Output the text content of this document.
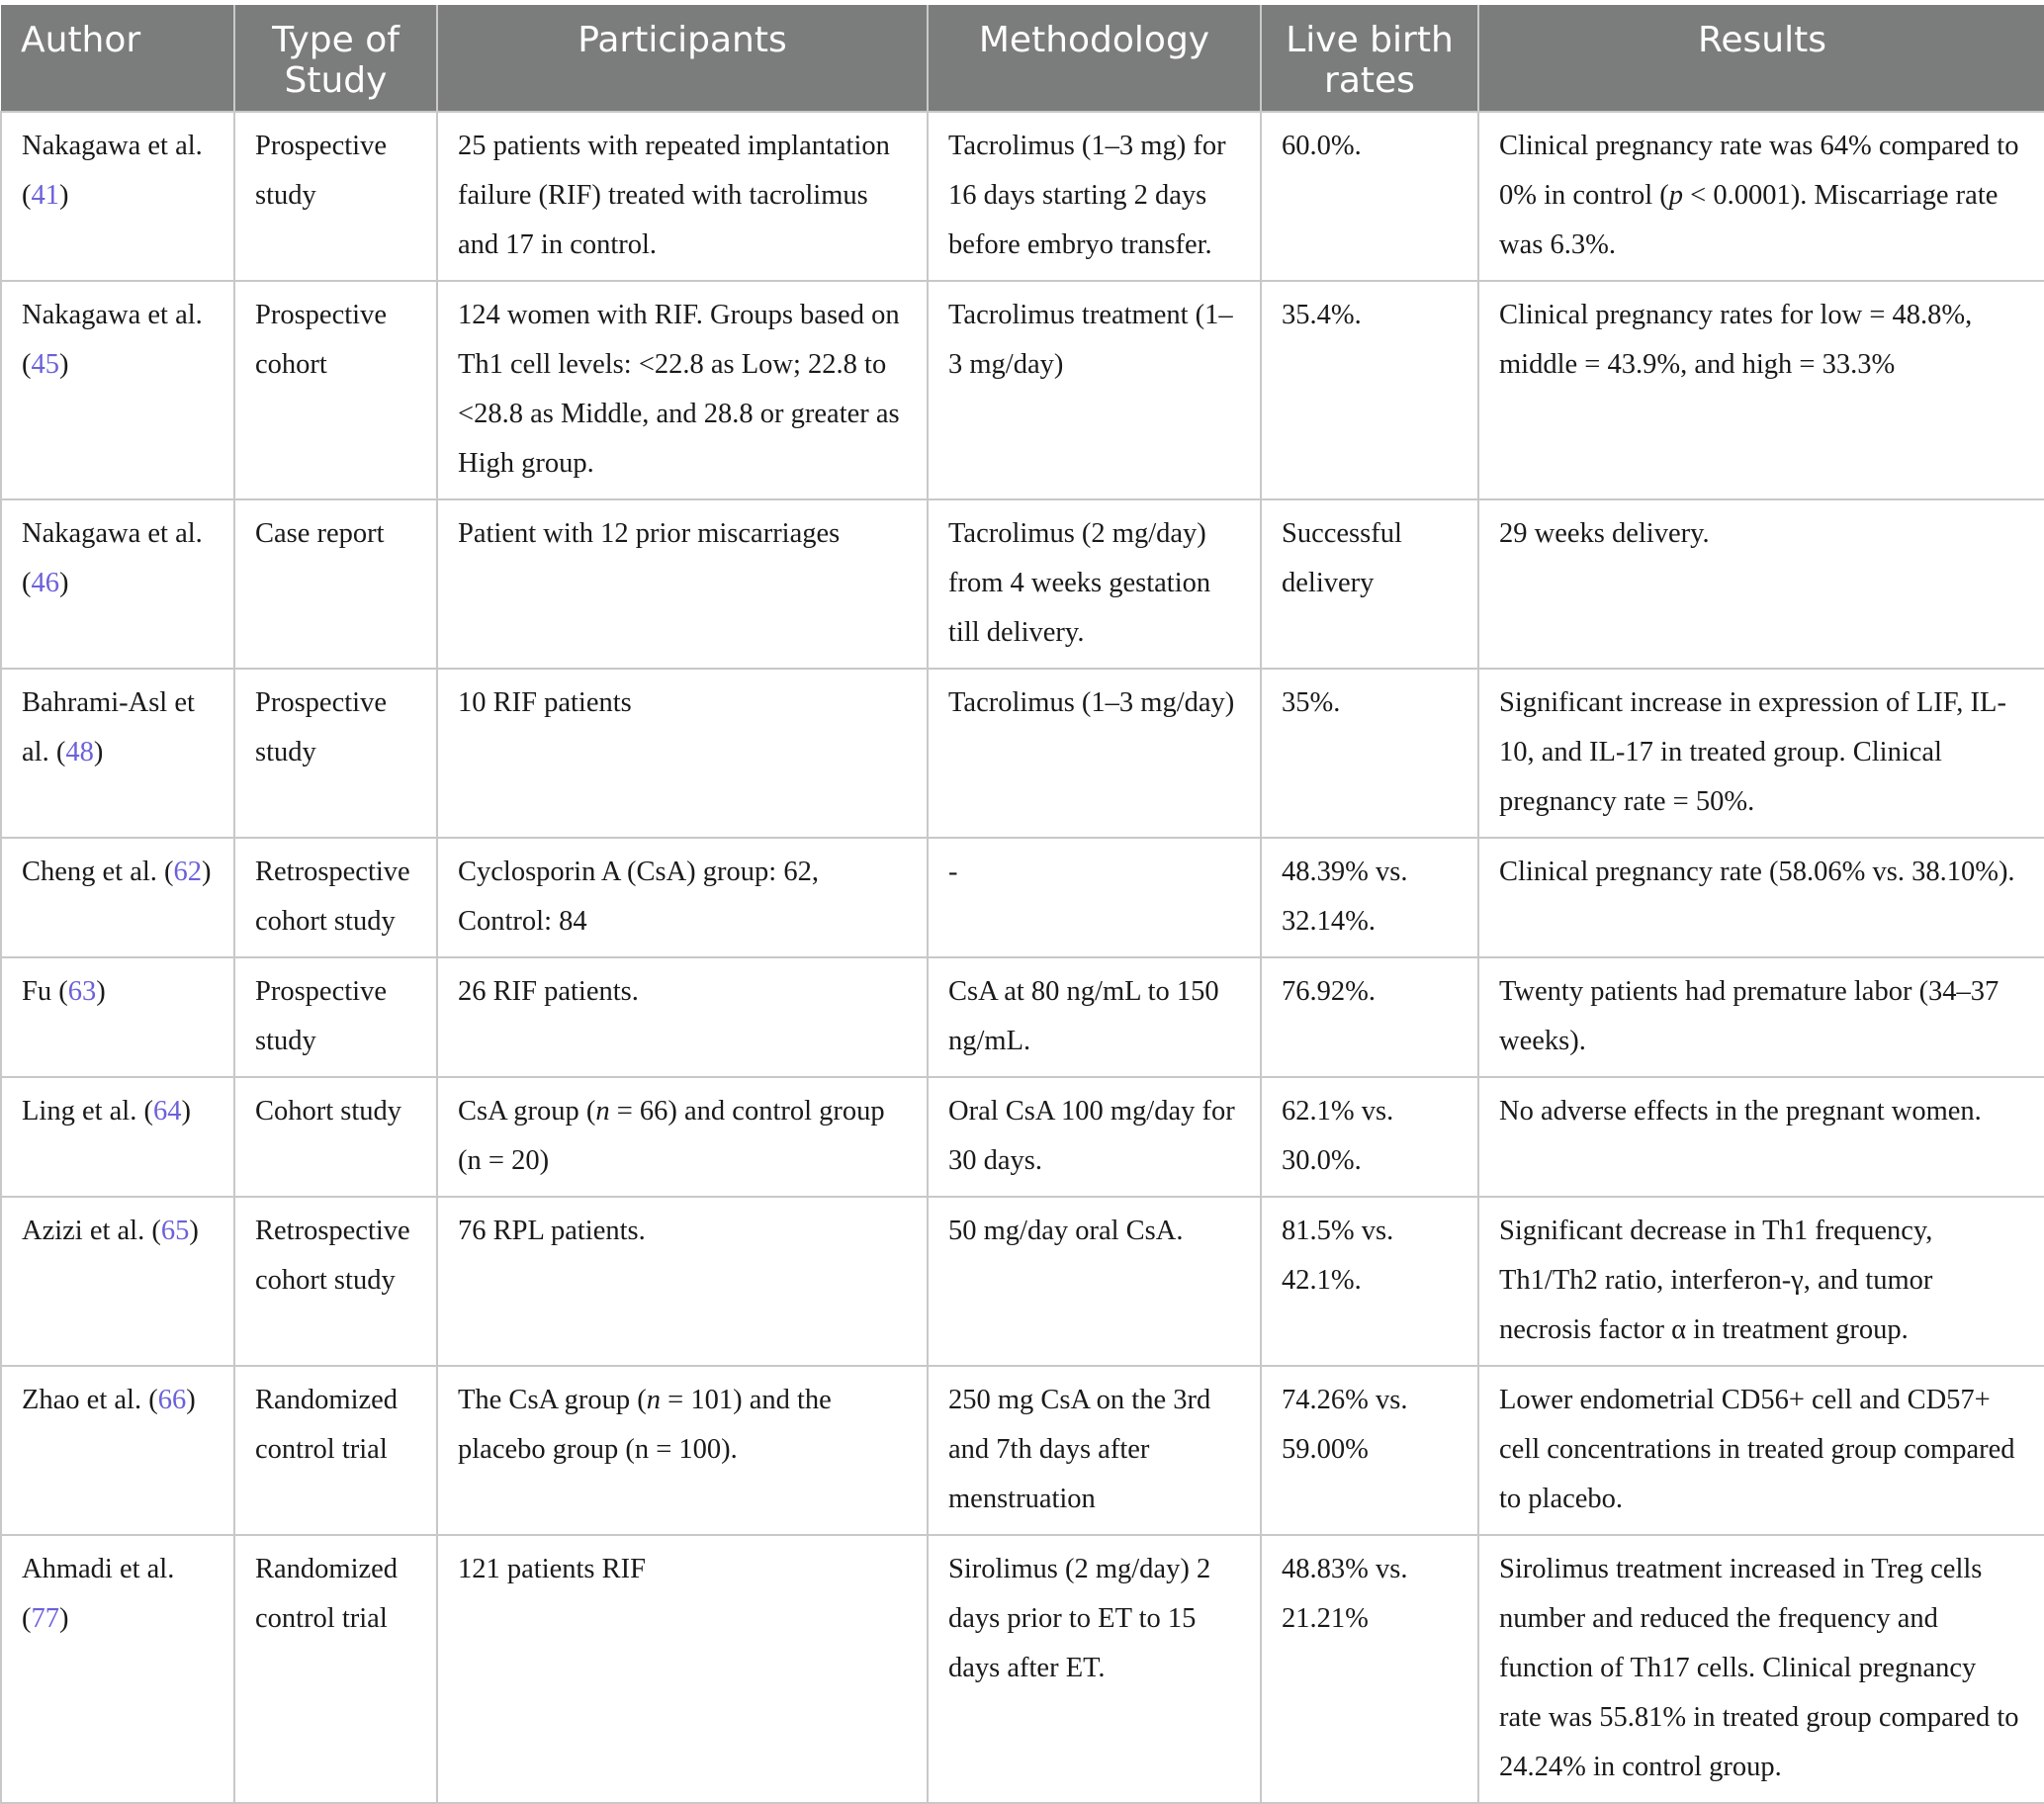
Author	Type of Study	Participants	Methodology	Live birth rates	Results
Nakagawa et al. (41)	Prospective study	25 patients with repeated implantation failure (RIF) treated with tacrolimus and 17 in control.	Tacrolimus (1–3 mg) for 16 days starting 2 days before embryo transfer.	60.0%.	Clinical pregnancy rate was 64% compared to 0% in control (p < 0.0001). Miscarriage rate was 6.3%.
Nakagawa et al. (45)	Prospective cohort	124 women with RIF. Groups based on Th1 cell levels: <22.8 as Low; 22.8 to <28.8 as Middle, and 28.8 or greater as High group.	Tacrolimus treatment (1–3 mg/day)	35.4%.	Clinical pregnancy rates for low = 48.8%, middle = 43.9%, and high = 33.3%
Nakagawa et al. (46)	Case report	Patient with 12 prior miscarriages	Tacrolimus (2 mg/day) from 4 weeks gestation till delivery.	Successful delivery	29 weeks delivery.
Bahrami-Asl et al. (48)	Prospective study	10 RIF patients	Tacrolimus (1–3 mg/day)	35%.	Significant increase in expression of LIF, IL-10, and IL-17 in treated group. Clinical pregnancy rate = 50%.
Cheng et al. (62)	Retrospective cohort study	Cyclosporin A (CsA) group: 62, Control: 84	-	48.39% vs. 32.14%.	Clinical pregnancy rate (58.06% vs. 38.10%).
Fu (63)	Prospective study	26 RIF patients.	CsA at 80 ng/mL to 150 ng/mL.	76.92%.	Twenty patients had premature labor (34–37 weeks).
Ling et al. (64)	Cohort study	CsA group (n = 66) and control group (n = 20)	Oral CsA 100 mg/day for 30 days.	62.1% vs. 30.0%.	No adverse effects in the pregnant women.
Azizi et al. (65)	Retrospective cohort study	76 RPL patients.	50 mg/day oral CsA.	81.5% vs. 42.1%.	Significant decrease in Th1 frequency, Th1/Th2 ratio, interferon-γ, and tumor necrosis factor α in treatment group.
Zhao et al. (66)	Randomized control trial	The CsA group (n = 101) and the placebo group (n = 100).	250 mg CsA on the 3rd and 7th days after menstruation	74.26% vs. 59.00%	Lower endometrial CD56+ cell and CD57+ cell concentrations in treated group compared to placebo.
Ahmadi et al. (77)	Randomized control trial	121 patients RIF	Sirolimus (2 mg/day) 2 days prior to ET to 15 days after ET.	48.83% vs. 21.21%	Sirolimus treatment increased in Treg cells number and reduced the frequency and function of Th17 cells. Clinical pregnancy rate was 55.81% in treated group compared to 24.24% in control group.
